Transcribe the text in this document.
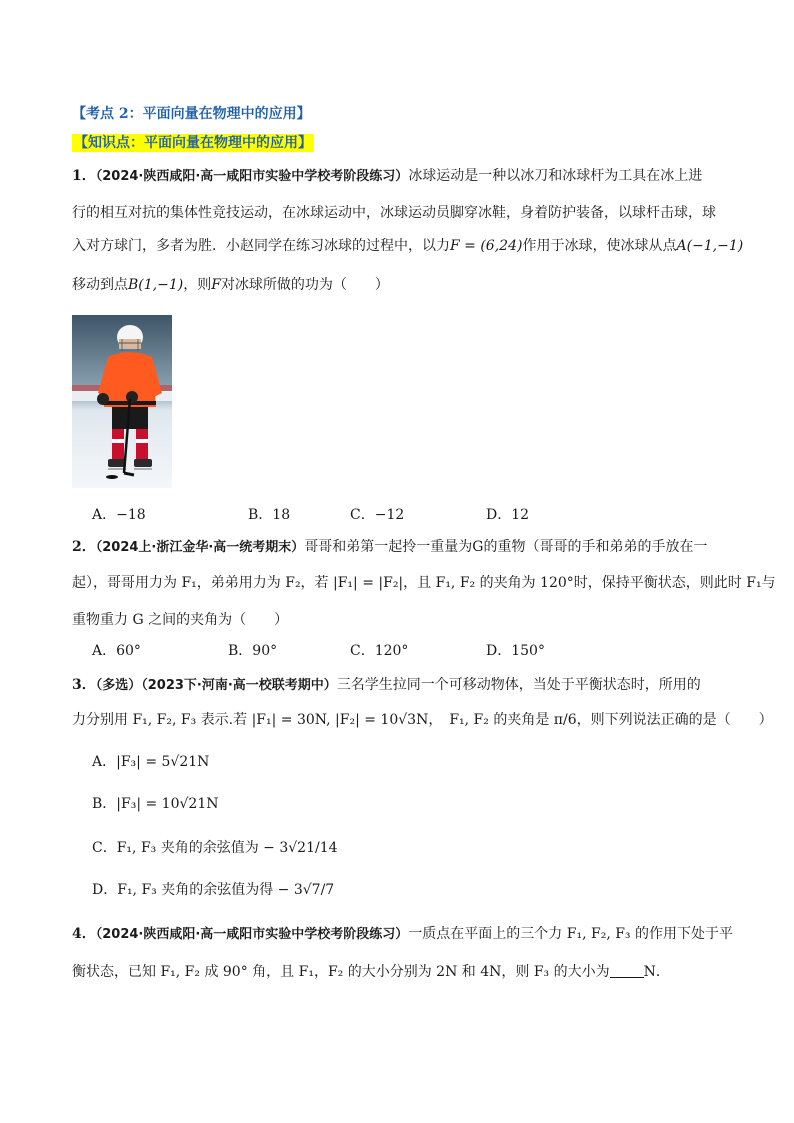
【考点 2：平面向量在物理中的应用】
【知识点：平面向量在物理中的应用】
1．（2024·陕西咸阳·高一咸阳市实验中学校考阶段练习）冰球运动是一种以冰刀和冰球杆为工具在冰上进
行的相互对抗的集体性竞技运动，在冰球运动中，冰球运动员脚穿冰鞋，身着防护装备，以球杆击球，球
入对方球门，多者为胜．小赵同学在练习冰球的过程中，以力F = (6,24)作用于冰球，使冰球从点A(−1,−1)
移动到点B(1,−1)，则F对冰球所做的功为（　　）
A．−18	B．18	C．−12	D．12
2．（2024上·浙江金华·高一统考期末）哥哥和弟第一起拎一重量为G的重物（哥哥的手和弟弟的手放在一
起），哥哥用力为 F₁，弟弟用力为 F₂，若 |F₁| = |F₂|，且 F₁, F₂ 的夹角为 120°时，保持平衡状态，则此时 F₁与
重物重力 G 之间的夹角为（　　）
A．60°	B．90°	C．120°	D．150°
3．（多选）（2023下·河南·高一校联考期中）三名学生拉同一个可移动物体，当处于平衡状态时，所用的
力分别用 F₁, F₂, F₃ 表示.若 |F₁| = 30N, |F₂| = 10√3N，　F₁, F₂ 的夹角是 π/6，则下列说法正确的是（　　）
A．|F₃| = 5√21N
B．|F₃| = 10√21N
C．F₁, F₃ 夹角的余弦值为 − 3√21/14
D．F₁, F₃ 夹角的余弦值为得 − 3√7/7
4．（2024·陕西咸阳·高一咸阳市实验中学校考阶段练习）一质点在平面上的三个力 F₁, F₂, F₃ 的作用下处于平
衡状态，已知 F₁, F₂ 成 90° 角，且 F₁，F₂ 的大小分别为 2N 和 4N，则 F₃ 的大小为 N．
